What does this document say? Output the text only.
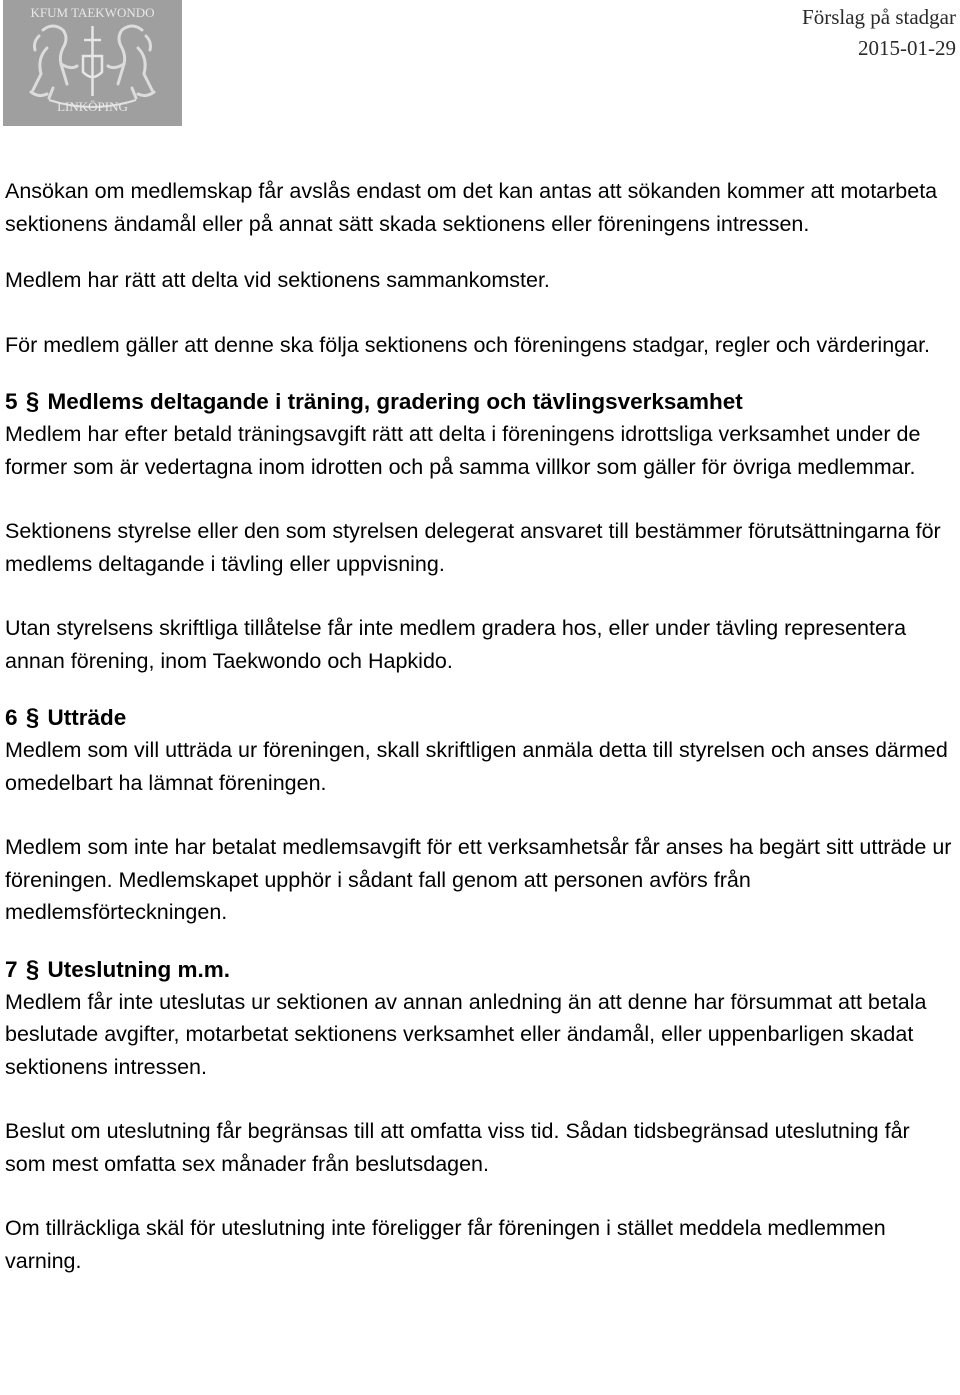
KFUM TAEKWONDO
LINKÖPING
Förslag på stadgar
2015-01-29

Ansökan om medlemskap får avslås endast om det kan antas att sökanden kommer att motarbeta sektionens ändamål eller på annat sätt skada sektionens eller föreningens intressen.

Medlem har rätt att delta vid sektionens sammankomster.

För medlem gäller att denne ska följa sektionens och föreningens stadgar, regler och värderingar.

5 § Medlems deltagande i träning, gradering och tävlingsverksamhet

Medlem har efter betald träningsavgift rätt att delta i föreningens idrottsliga verksamhet under de former som är vedertagna inom idrotten och på samma villkor som gäller för övriga medlemmar.

Sektionens styrelse eller den som styrelsen delegerat ansvaret till bestämmer förutsättningarna för medlems deltagande i tävling eller uppvisning.

Utan styrelsens skriftliga tillåtelse får inte medlem gradera hos, eller under tävling representera annan förening, inom Taekwondo och Hapkido.

6 § Utträde

Medlem som vill utträda ur föreningen, skall skriftligen anmäla detta till styrelsen och anses därmed omedelbart ha lämnat föreningen.

Medlem som inte har betalat medlemsavgift för ett verksamhetsår får anses ha begärt sitt utträde ur föreningen. Medlemskapet upphör i sådant fall genom att personen avförs från medlemsförteckningen.

7 § Uteslutning m.m.

Medlem får inte uteslutas ur sektionen av annan anledning än att denne har försummat att betala beslutade avgifter, motarbetat sektionens verksamhet eller ändamål, eller uppenbarligen skadat sektionens intressen.

Beslut om uteslutning får begränsas till att omfatta viss tid. Sådan tidsbegränsad uteslutning får som mest omfatta sex månader från beslutsdagen.

Om tillräckliga skäl för uteslutning inte föreligger får föreningen i stället meddela medlemmen varning.
